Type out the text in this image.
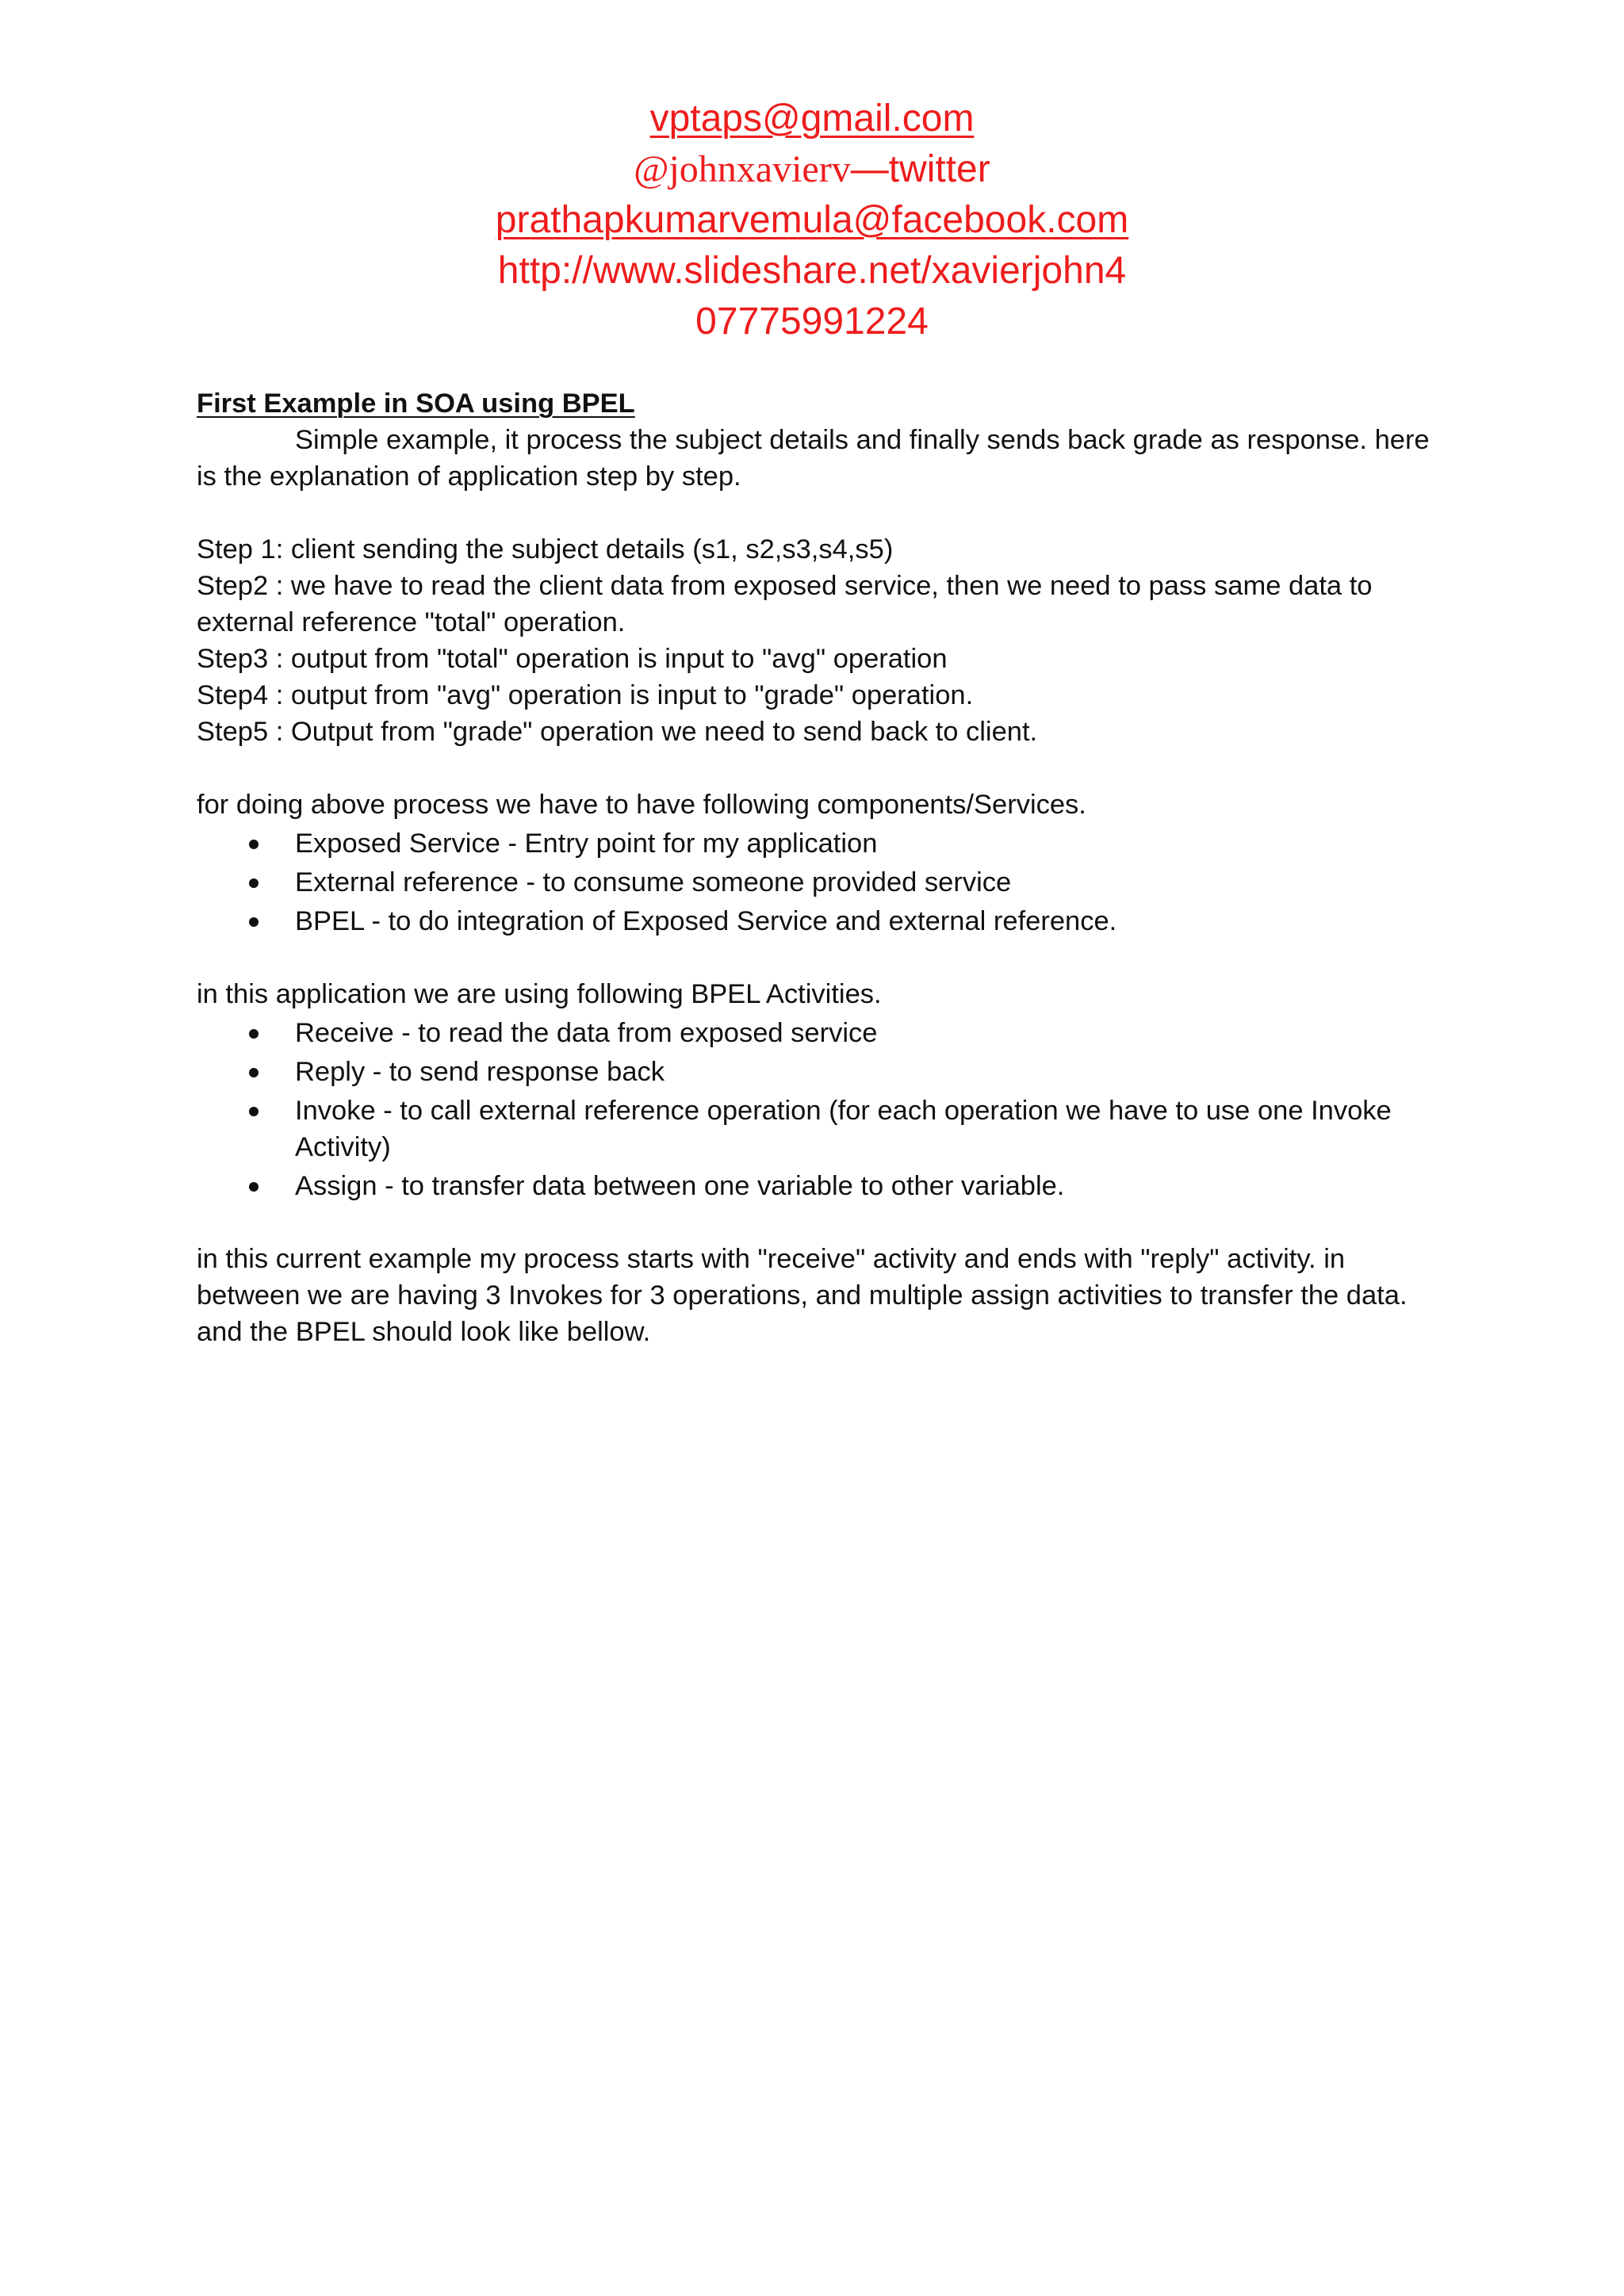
vptaps@gmail.com
@johnxavierv—twitter
prathapkumarvemula@facebook.com
http://www.slideshare.net/xavierjohn4
07775991224
First Example in SOA using BPEL

Simple example, it process the subject details and finally sends back grade as response. here is the explanation of application step by step.

Step 1: client sending the subject details (s1, s2,s3,s4,s5)

Step2 : we have to read the client data from exposed service, then we need to pass same data to external reference "total" operation.

Step3 : output from "total" operation is input to "avg" operation

Step4 : output from "avg" operation is input to "grade" operation.

Step5 : Output from "grade" operation we need to send back to client.

for doing above process we have to have following components/Services.

Exposed Service - Entry point for my application
External reference - to consume someone provided service
BPEL - to do integration of Exposed Service and external reference.

in this application we are using following BPEL Activities.

Receive - to read the data from exposed service
Reply - to send response back
Invoke - to call external reference operation (for each operation we have to use one Invoke Activity)
Assign - to transfer data between one variable to other variable.

in this current example my process starts with "receive" activity and ends with "reply" activity. in between we are having 3 Invokes for 3 operations, and multiple assign activities to transfer the data. and the BPEL should look like bellow.
